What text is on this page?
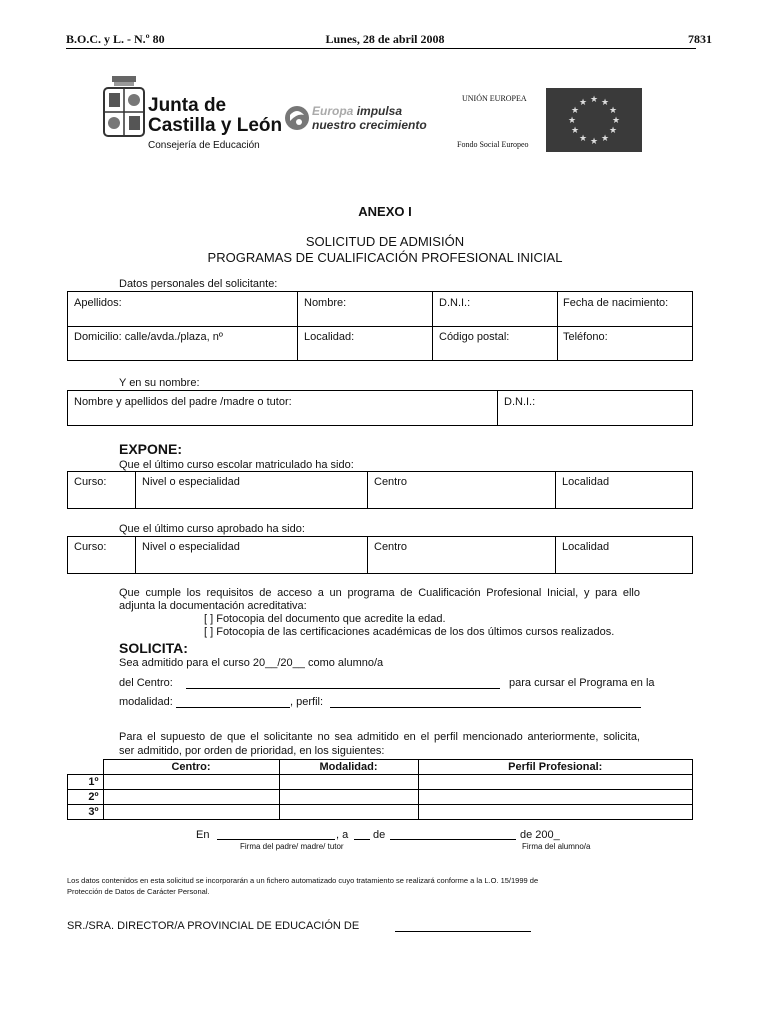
B.O.C. y L. - N.º 80	Lunes, 28 de abril 2008	7831
Junta de
Castilla y León
Consejería de Educación
Europa impulsa
nuestro crecimiento
UNIÓN EUROPEA
Fondo Social Europeo
★ ★
★
★
★
★
★
★
★
★
★
★
ANEXO I
SOLICITUD DE ADMISIÓN
PROGRAMAS DE CUALIFICACIÓN PROFESIONAL INICIAL
Datos personales del solicitante:
Apellidos:	Nombre:	D.N.I.:	Fecha de nacimiento:
Domicilio: calle/avda./plaza, nº	Localidad:	Código postal:	Teléfono:
Y en su nombre:
Nombre y apellidos del padre /madre o tutor:	D.N.I.:
EXPONE:
Que el último curso escolar matriculado ha sido:
Curso:	Nivel o especialidad	Centro	Localidad
Que el último curso aprobado ha sido:
Curso:	Nivel o especialidad	Centro	Localidad
Que cumple los requisitos de acceso a un programa de Cualificación Profesional Inicial, y para ello
adjunta la documentación acreditativa:
[ ] Fotocopia del documento que acredite la edad.
[ ] Fotocopia de las certificaciones académicas de los dos últimos cursos realizados.
SOLICITA:
Sea admitido para el curso 20__/20__ como alumno/a
del Centro:	para cursar el Programa en la
modalidad:	, perfil:
Para el supuesto de que el solicitante no sea admitido en el perfil mencionado anteriormente, solicita,
ser admitido, por orden de prioridad, en los siguientes:
	Centro:	Modalidad:	Perfil Profesional:
1º			
2º			
3º			
En	, a de	de 200_
Firma del padre/ madre/ tutor	Firma del alumno/a
Los datos contenidos en esta solicitud se incorporarán a un fichero automatizado cuyo tratamiento se realizará conforme a la L.O. 15/1999 de
Protección de Datos de Carácter Personal.
SR./SRA. DIRECTOR/A PROVINCIAL DE EDUCACIÓN DE
